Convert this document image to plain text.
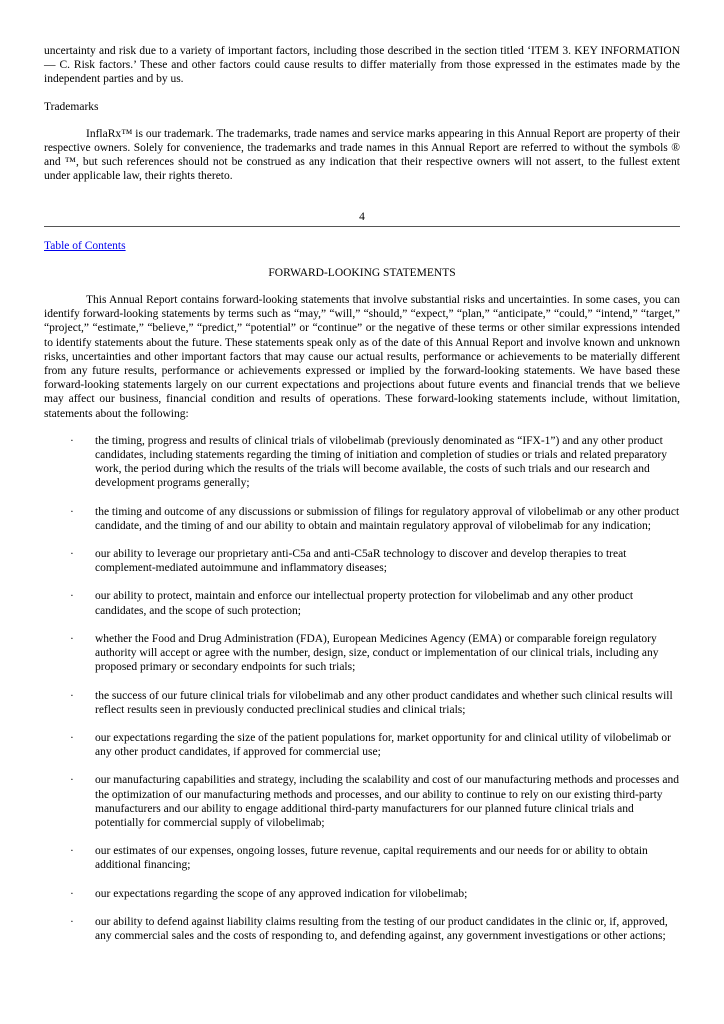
uncertainty and risk due to a variety of important factors, including those described in the section titled ‘ITEM 3. KEY INFORMATION — C. Risk factors.’ These and other factors could cause results to differ materially from those expressed in the estimates made by the independent parties and by us.

Trademarks

InflaRx™ is our trademark. The trademarks, trade names and service marks appearing in this Annual Report are property of their respective owners. Solely for convenience, the trademarks and trade names in this Annual Report are referred to without the symbols ® and ™, but such references should not be construed as any indication that their respective owners will not assert, to the fullest extent under applicable law, their rights thereto.

4
Table of Contents

FORWARD-LOOKING STATEMENTS

This Annual Report contains forward-looking statements that involve substantial risks and uncertainties. In some cases, you can identify forward-looking statements by terms such as “may,” “will,” “should,” “expect,” “plan,” “anticipate,” “could,” “intend,” “target,” “project,” “estimate,” “believe,” “predict,” “potential” or “continue” or the negative of these terms or other similar expressions intended to identify statements about the future. These statements speak only as of the date of this Annual Report and involve known and unknown risks, uncertainties and other important factors that may cause our actual results, performance or achievements to be materially different from any future results, performance or achievements expressed or implied by the forward-looking statements. We have based these forward-looking statements largely on our current expectations and projections about future events and financial trends that we believe may affect our business, financial condition and results of operations. These forward-looking statements include, without limitation, statements about the following:

· the timing, progress and results of clinical trials of vilobelimab (previously denominated as “IFX-1”) and any other product candidates, including statements regarding the timing of initiation and completion of studies or trials and related preparatory work, the period during which the results of the trials will become available, the costs of such trials and our research and development programs generally;
· the timing and outcome of any discussions or submission of filings for regulatory approval of vilobelimab or any other product candidate, and the timing of and our ability to obtain and maintain regulatory approval of vilobelimab for any indication;
· our ability to leverage our proprietary anti-C5a and anti-C5aR technology to discover and develop therapies to treat complement-mediated autoimmune and inflammatory diseases;
· our ability to protect, maintain and enforce our intellectual property protection for vilobelimab and any other product candidates, and the scope of such protection;
· whether the Food and Drug Administration (FDA), European Medicines Agency (EMA) or comparable foreign regulatory authority will accept or agree with the number, design, size, conduct or implementation of our clinical trials, including any proposed primary or secondary endpoints for such trials;
· the success of our future clinical trials for vilobelimab and any other product candidates and whether such clinical results will reflect results seen in previously conducted preclinical studies and clinical trials;
· our expectations regarding the size of the patient populations for, market opportunity for and clinical utility of vilobelimab or any other product candidates, if approved for commercial use;
· our manufacturing capabilities and strategy, including the scalability and cost of our manufacturing methods and processes and the optimization of our manufacturing methods and processes, and our ability to continue to rely on our existing third-party manufacturers and our ability to engage additional third-party manufacturers for our planned future clinical trials and potentially for commercial supply of vilobelimab;
· our estimates of our expenses, ongoing losses, future revenue, capital requirements and our needs for or ability to obtain additional financing;
· our expectations regarding the scope of any approved indication for vilobelimab;
· our ability to defend against liability claims resulting from the testing of our product candidates in the clinic or, if, approved, any commercial sales and the costs of responding to, and defending against, any government investigations or other actions;
